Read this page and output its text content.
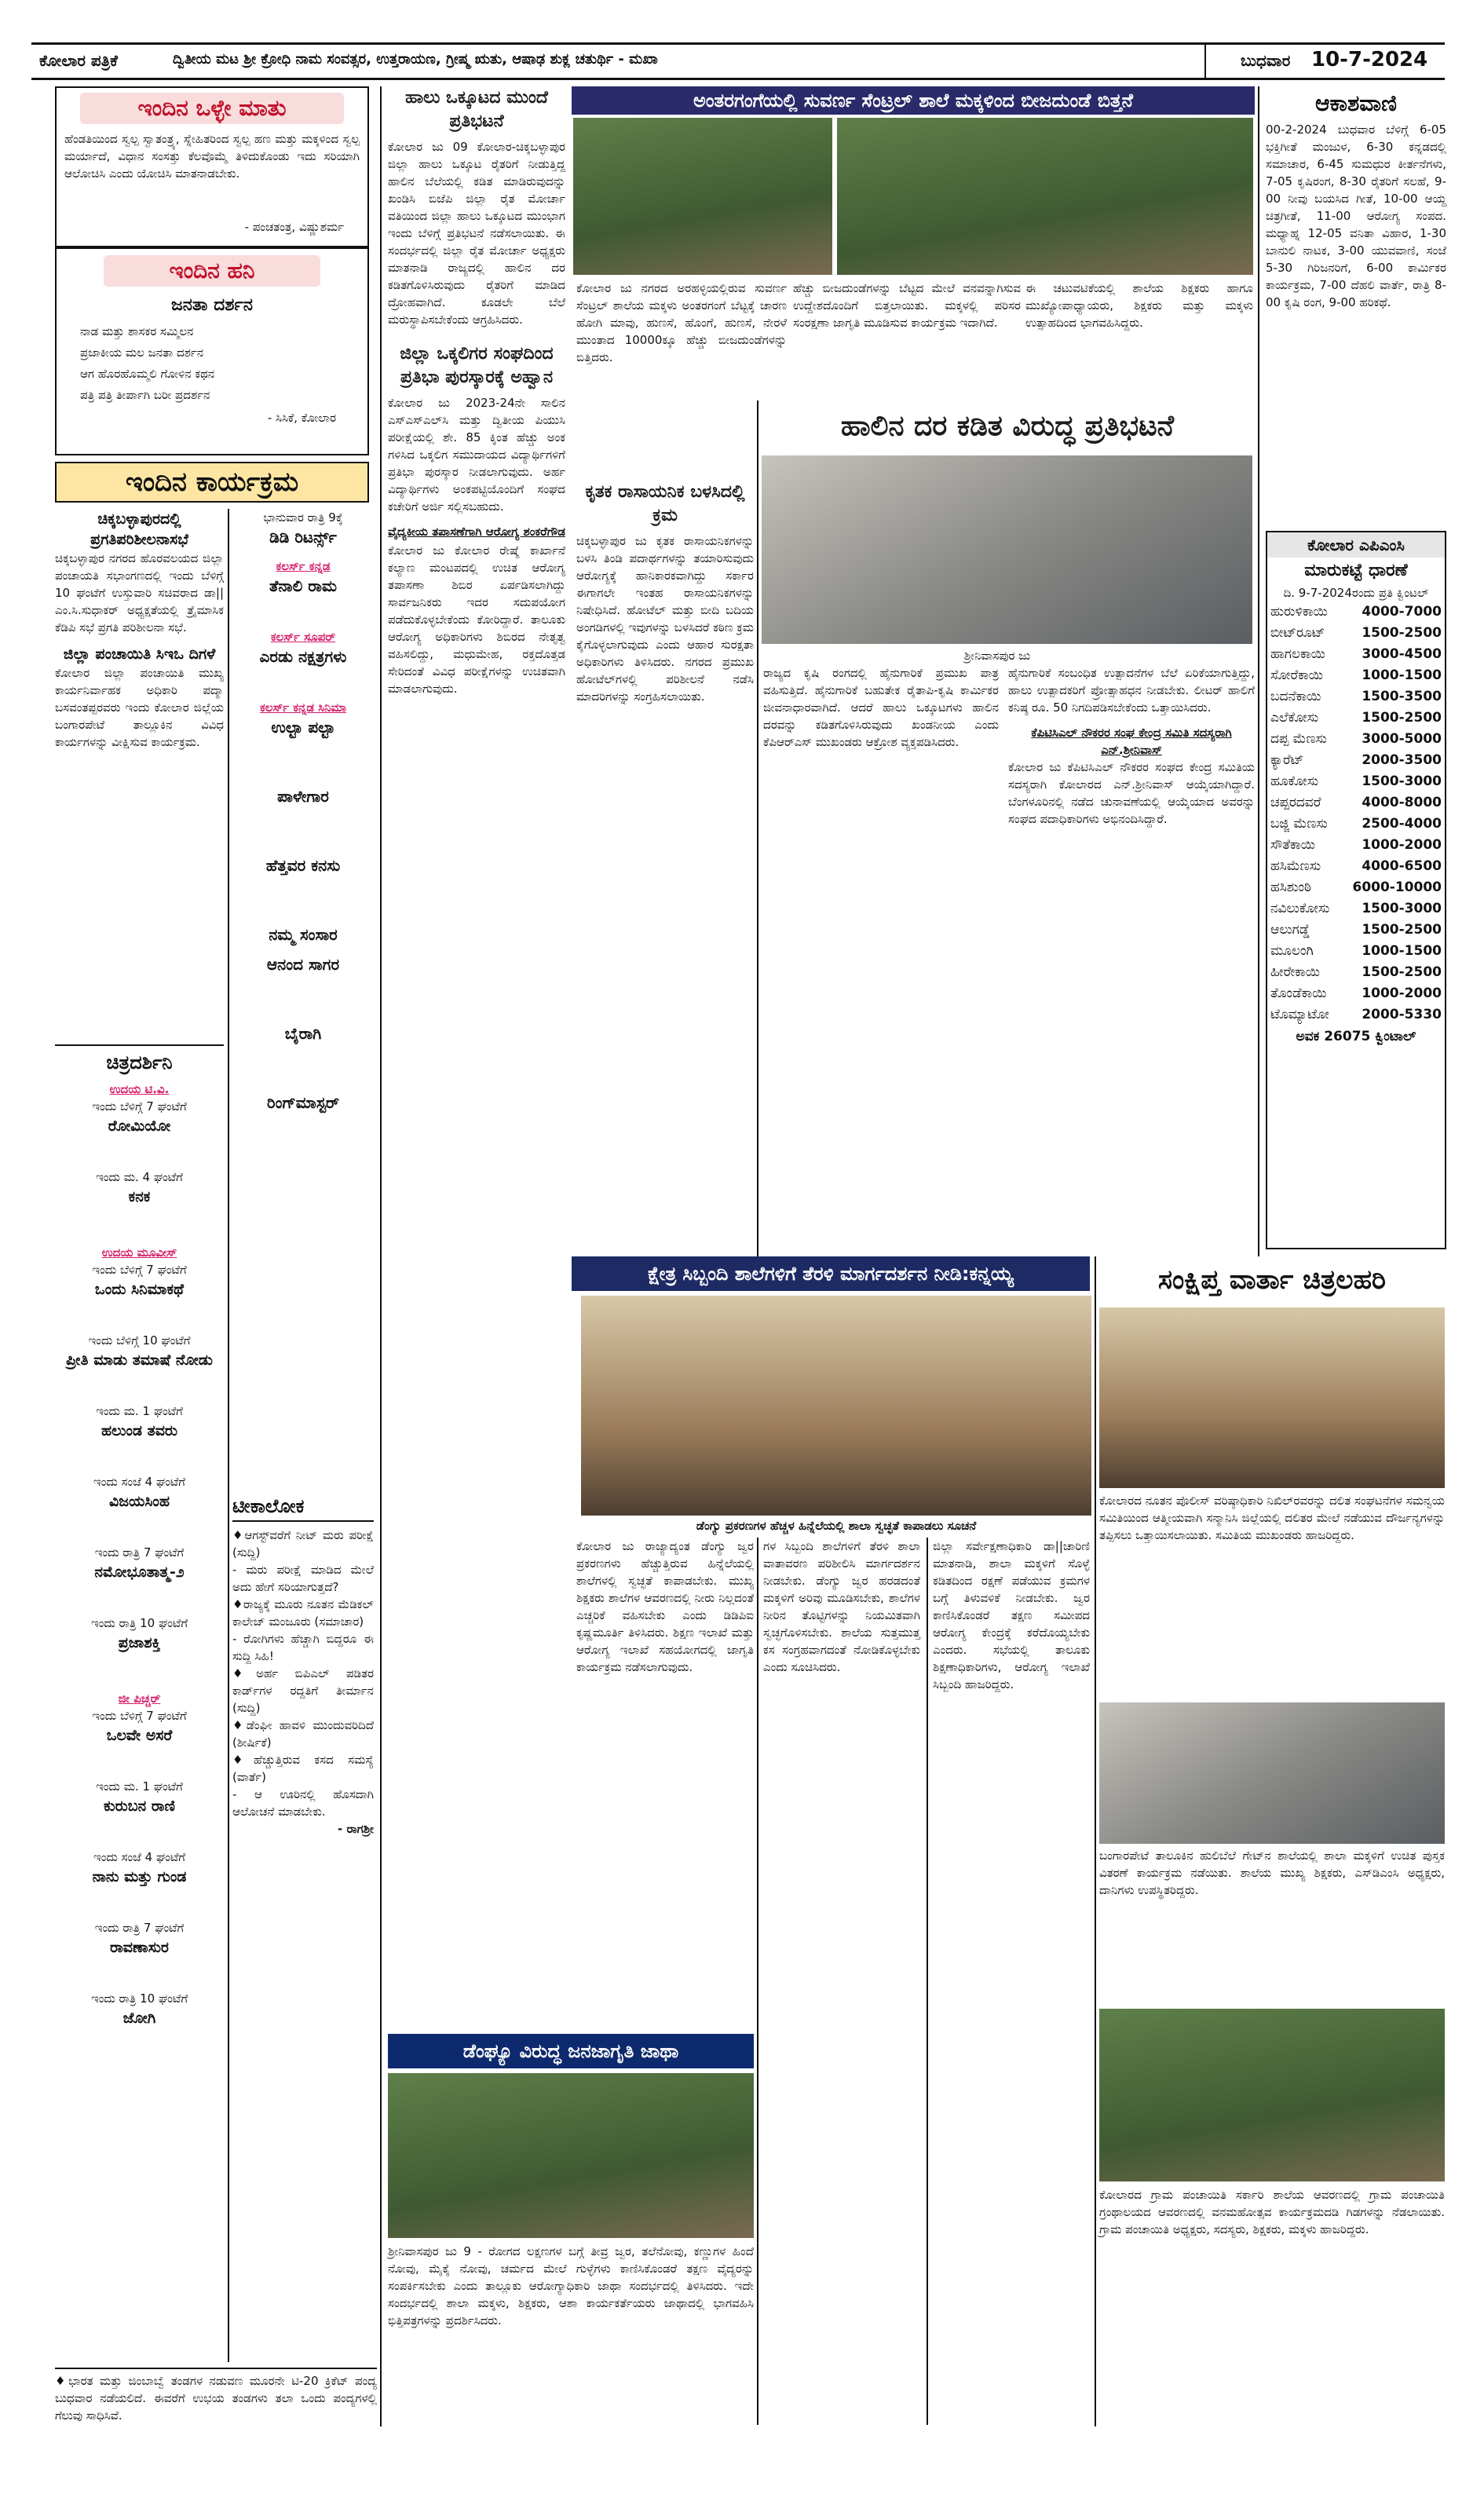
ಕೋಲಾರ ಪತ್ರಿಕೆ	ದ್ವಿತೀಯ ಮಟ ಶ್ರೀ ಕ್ರೋಧಿ ನಾಮ ಸಂವತ್ಸರ, ಉತ್ತರಾಯಣ, ಗ್ರೀಷ್ಮ ಋತು, ಆಷಾಢ ಶುಕ್ಲ ಚತುರ್ಥಿ - ಮಖಾ	ಬುಧವಾರ 10-7-2024
ಇಂದಿನ ಒಳ್ಳೇ ಮಾತು
ಹೆಂಡತಿಯಿಂದ ಸ್ವಲ್ಪ ಸ್ವಾತಂತ್ರ್ಯ, ಸ್ನೇಹಿತರಿಂದ ಸ್ವಲ್ಪ ಹಣ ಮತ್ತು ಮಕ್ಕಳಿಂದ ಸ್ವಲ್ಪ ಮರ್ಯಾದೆ, ವಿಧಾನ ಸಂಸತ್ತು ಕೆಲವೊಮ್ಮೆ ತಿಳಿದುಕೊಂಡು ಇದು ಸರಿಯಾಗಿ ಆಲೋಚಿಸಿ ಎಂದು ಯೋಚಿಸಿ ಮಾತನಾಡಬೇಕು.
- ಪಂಚತಂತ್ರ, ವಿಷ್ಣುಶರ್ಮ
ಇಂದಿನ ಹನಿ
ಜನತಾ ದರ್ಶನ
ನಾಡ ಮತ್ತು ಶಾಸಕರ ಸಮ್ಮಿಲನ
ಪ್ರಜಾಕೀಯ ಮಲ ಜನತಾ ದರ್ಶನ
ಆಗ ಹೊರಹೊಮ್ಮಲಿ ಗೋಳಿನ ಕಥನ
ಪತ್ರಿ ಪತ್ರಿ ತೀರ್ಪಾಗಿ ಬರೀ ಪ್ರದರ್ಶನ
- ಸಿಸಿಕೆ, ಕೋಲಾರ
ಇಂದಿನ ಕಾರ್ಯಕ್ರಮ
ಚಿಕ್ಕಬಳ್ಳಾಪುರದಲ್ಲಿ ಪ್ರಗತಿಪರಿಶೀಲನಾಸಭೆ
ಚಿಕ್ಕಬಳ್ಳಾಪುರ ನಗರದ ಹೊರವಲಯದ ಜಿಲ್ಲಾ ಪಂಚಾಯತಿ ಸಭಾಂಗಣದಲ್ಲಿ ಇಂದು ಬೆಳಿಗ್ಗೆ 10 ಘಂಟೆಗೆ ಉಸ್ತುವಾರಿ ಸಚಿವರಾದ ಡಾ|| ಎಂ.ಸಿ.ಸುಧಾಕರ್ ಅಧ್ಯಕ್ಷತೆಯಲ್ಲಿ ತ್ರೈಮಾಸಿಕ ಕೆಡಿಪಿ ಸಭೆ ಪ್ರಗತಿ ಪರಿಶೀಲನಾ ಸಭೆ.
ಜಿಲ್ಲಾ ಪಂಚಾಯಿತಿ ಸಿಇಒ ದಿಗಳೆ
ಕೋಲಾರ ಜಿಲ್ಲಾ ಪಂಚಾಯಿತಿ ಮುಖ್ಯ ಕಾರ್ಯನಿರ್ವಾಹಕ ಅಧಿಕಾರಿ ಪದ್ಮಾ ಬಸವಂತಪ್ಪರವರು ಇಂದು ಕೋಲಾರ ಜಿಲ್ಲೆಯ ಬಂಗಾರಪೇಟೆ ತಾಲ್ಲೂಕಿನ ವಿವಿಧ ಕಾರ್ಯಗಳನ್ನು ವೀಕ್ಷಿಸುವ ಕಾರ್ಯಕ್ರಮ.
ಭಾನುವಾರ ರಾತ್ರಿ 9ಕ್ಕೆ
ಡಿಡಿ ರಿಟರ್ನ್ಸ್
ಕಲರ್ಸ್ ಕನ್ನಡ
ತೆನಾಲಿ ರಾಮ
ಕಲರ್ಸ್ ಸೂಪರ್
ಎರಡು ನಕ್ಷತ್ರಗಳು
ಕಲರ್ಸ್ ಕನ್ನಡ ಸಿನಿಮಾ
ಉಲ್ಟಾ ಪಲ್ಟಾ
ಪಾಳೇಗಾರ
ಹೆತ್ತವರ ಕನಸು
ನಮ್ಮ ಸಂಸಾರ
ಆನಂದ ಸಾಗರ
ಬೈರಾಗಿ
ರಿಂಗ್‌ಮಾಸ್ಟರ್
ಚಿತ್ರದರ್ಶಿನಿ
ಉದಯ ಟಿ.ವಿ.
ಇಂದು ಬೆಳಿಗ್ಗೆ 7 ಘಂಟೆಗೆ
ರೋಮಿಯೋ
ಇಂದು ಮ. 4 ಘಂಟೆಗೆ
ಕನಕ
ಉದಯ ಮೂವೀಸ್
ಇಂದು ಬೆಳಿಗ್ಗೆ 7 ಘಂಟೆಗೆ
ಒಂದು ಸಿನಿಮಾಕಥೆ
ಇಂದು ಬೆಳಿಗ್ಗೆ 10 ಘಂಟೆಗೆ
ಪ್ರೀತಿ ಮಾಡು ತಮಾಷೆ ನೋಡು
ಇಂದು ಮ. 1 ಘಂಟೆಗೆ
ಹಲುಂಡ ತವರು
ಇಂದು ಸಂಜೆ 4 ಘಂಟೆಗೆ
ವಿಜಯಸಿಂಹ
ಇಂದು ರಾತ್ರಿ 7 ಘಂಟೆಗೆ
ನಮೋಭೂತಾತ್ಮ-೨
ಇಂದು ರಾತ್ರಿ 10 ಘಂಟೆಗೆ
ಪ್ರಜಾಶಕ್ತಿ
ಜೀ ಪಿಚ್ಚರ್
ಇಂದು ಬೆಳಿಗ್ಗೆ 7 ಘಂಟೆಗೆ
ಒಲವೇ ಅಸರೆ
ಇಂದು ಮ. 1 ಘಂಟೆಗೆ
ಕುರುಬನ ರಾಣಿ
ಇಂದು ಸಂಜೆ 4 ಘಂಟೆಗೆ
ನಾನು ಮತ್ತು ಗುಂಡ
ಇಂದು ರಾತ್ರಿ 7 ಘಂಟೆಗೆ
ರಾವಣಾಸುರ
ಇಂದು ರಾತ್ರಿ 10 ಘಂಟೆಗೆ
ಜೋಗಿ
ಟೀಕಾಲೋಕ
♦ಆಗಸ್ಟ್‌ವರೆಗೆ ನೀಟ್ ಮರು ಪರೀಕ್ಷೆ (ಸುದ್ದಿ)
- ಮರು ಪರೀಕ್ಷೆ ಮಾಡಿದ ಮೇಲೆ ಅದು ಹೇಗೆ ಸರಿಯಾಗುತ್ತದೆ?
♦ರಾಜ್ಯಕ್ಕೆ ಮೂರು ನೂತನ ಮೆಡಿಕಲ್ ಕಾಲೇಜ್ ಮಂಜೂರು (ಸಮಾಚಾರ)
- ರೋಗಿಗಳು ಹೆಚ್ಚಾಗಿ ಬಿದ್ದರೂ ಈ ಸುದ್ದಿ ಸಿಹಿ!
♦ಅರ್ಹ ಬಿಪಿಎಲ್ ಪಡಿತರ ಕಾರ್ಡ್‌ಗಳ ರದ್ದತಿಗೆ ತೀರ್ಮಾನ (ಸುದ್ದಿ)
♦ಡೆಂಘೀ ಹಾವಳಿ ಮುಂದುವರಿದಿದೆ (ಶೀರ್ಷಿಕೆ)
♦ಹೆಚ್ಚುತ್ತಿರುವ ಕಸದ ಸಮಸ್ಯೆ (ವಾರ್ತೆ)
- ಆ ಊರಿನಲ್ಲಿ ಹೊಸದಾಗಿ ಆಲೋಚನೆ ಮಾಡಬೇಕು.
- ರಾಗಶ್ರೀ
♦ಭಾರತ ಮತ್ತು ಜಿಂಬಾಬ್ವೆ ತಂಡಗಳ ನಡುವಣ ಮೂರನೇ ಟಿ-20 ಕ್ರಿಕೆಟ್ ಪಂದ್ಯ ಬುಧವಾರ ನಡೆಯಲಿದೆ. ಈವರೆಗೆ ಉಭಯ ತಂಡಗಳು ತಲಾ ಒಂದು ಪಂದ್ಯಗಳಲ್ಲಿ ಗೆಲುವು ಸಾಧಿಸಿವೆ.
ಹಾಲು ಒಕ್ಕೂಟದ ಮುಂದೆ ಪ್ರತಿಭಟನೆ
ಕೋಲಾರ ಜು 09 ಕೋಲಾರ-ಚಿಕ್ಕಬಳ್ಳಾಪುರ ಜಿಲ್ಲಾ ಹಾಲು ಒಕ್ಕೂಟ ರೈತರಿಗೆ ನೀಡುತ್ತಿದ್ದ ಹಾಲಿನ ಬೆಲೆಯಲ್ಲಿ ಕಡಿತ ಮಾಡಿರುವುದನ್ನು ಖಂಡಿಸಿ ಬಿಜೆಪಿ ಜಿಲ್ಲಾ ರೈತ ಮೋರ್ಚಾ ವತಿಯಿಂದ ಜಿಲ್ಲಾ ಹಾಲು ಒಕ್ಕೂಟದ ಮುಂಭಾಗ ಇಂದು ಬೆಳಿಗ್ಗೆ ಪ್ರತಿಭಟನೆ ನಡೆಸಲಾಯಿತು. ಈ ಸಂದರ್ಭದಲ್ಲಿ ಜಿಲ್ಲಾ ರೈತ ಮೋರ್ಚಾ ಅಧ್ಯಕ್ಷರು ಮಾತನಾಡಿ ರಾಜ್ಯದಲ್ಲಿ ಹಾಲಿನ ದರ ಕಡಿತಗೊಳಿಸಿರುವುದು ರೈತರಿಗೆ ಮಾಡಿದ ದ್ರೋಹವಾಗಿದೆ. ಕೂಡಲೇ ಬೆಲೆ ಮರುಸ್ಥಾಪಿಸಬೇಕೆಂದು ಆಗ್ರಹಿಸಿದರು.
ಜಿಲ್ಲಾ ಒಕ್ಕಲಿಗರ ಸಂಘದಿಂದ ಪ್ರತಿಭಾ ಪುರಸ್ಕಾರಕ್ಕೆ ಅಹ್ವಾನ
ಕೋಲಾರ ಜು 2023-24ನೇ ಸಾಲಿನ ಎಸ್‌ಎಸ್‌ಎಲ್‌ಸಿ ಮತ್ತು ದ್ವಿತೀಯ ಪಿಯುಸಿ ಪರೀಕ್ಷೆಯಲ್ಲಿ ಶೇ. 85 ಕ್ಕಿಂತ ಹೆಚ್ಚು ಅಂಕ ಗಳಿಸಿದ ಒಕ್ಕಲಿಗ ಸಮುದಾಯದ ವಿದ್ಯಾರ್ಥಿಗಳಿಗೆ ಪ್ರತಿಭಾ ಪುರಸ್ಕಾರ ನೀಡಲಾಗುವುದು. ಅರ್ಹ ವಿದ್ಯಾರ್ಥಿಗಳು ಅಂಕಪಟ್ಟಿಯೊಂದಿಗೆ ಸಂಘದ ಕಚೇರಿಗೆ ಅರ್ಜಿ ಸಲ್ಲಿಸಬಹುದು.
ವೈದ್ಯಕೀಯ ತಪಾಸಣೆಗಾಗಿ ಆರೋಗ್ಯ ಶಂಕರೆಗೌಡ
ಕೋಲಾರ ಜು ಕೋಲಾರ ರೇಷ್ಮೆ ಕಾರ್ಖಾನೆ ಕಲ್ಯಾಣ ಮಂಟಪದಲ್ಲಿ ಉಚಿತ ಆರೋಗ್ಯ ತಪಾಸಣಾ ಶಿಬಿರ ಏರ್ಪಡಿಸಲಾಗಿದ್ದು ಸಾರ್ವಜನಿಕರು ಇದರ ಸದುಪಯೋಗ ಪಡೆದುಕೊಳ್ಳಬೇಕೆಂದು ಕೋರಿದ್ದಾರೆ. ತಾಲೂಕು ಆರೋಗ್ಯ ಅಧಿಕಾರಿಗಳು ಶಿಬಿರದ ನೇತೃತ್ವ ವಹಿಸಲಿದ್ದು, ಮಧುಮೇಹ, ರಕ್ತದೊತ್ತಡ ಸೇರಿದಂತೆ ವಿವಿಧ ಪರೀಕ್ಷೆಗಳನ್ನು ಉಚಿತವಾಗಿ ಮಾಡಲಾಗುವುದು.
ಅಂತರಗಂಗೆಯಲ್ಲಿ ಸುವರ್ಣ ಸೆಂಟ್ರಲ್ ಶಾಲೆ ಮಕ್ಕಳಿಂದ ಬೀಜದುಂಡೆ ಬಿತ್ತನೆ
ಕೋಲಾರ ಜು ನಗರದ ಅರಹಳ್ಳಿಯಲ್ಲಿರುವ ಸುವರ್ಣ ಸೆಂಟ್ರಲ್ ಶಾಲೆಯ ಮಕ್ಕಳು ಅಂತರಗಂಗೆ ಬೆಟ್ಟಕ್ಕೆ ಚಾರಣ ಹೋಗಿ ಮಾವು, ಹುಣಸೆ, ಹೊಂಗೆ, ಹುಣಸೆ, ನೇರಳೆ ಮುಂತಾದ 10000ಕ್ಕೂ ಹೆಚ್ಚು ಬೀಜದುಂಡೆಗಳನ್ನು ಬಿತ್ತಿದರು.
ಹೆಚ್ಚು ಬೀಜದುಂಡೆಗಳನ್ನು ಬೆಟ್ಟದ ಮೇಲೆ ವನವನ್ನಾಗಿಸುವ ಉದ್ದೇಶದೊಂದಿಗೆ ಬಿತ್ತಲಾಯಿತು. ಮಕ್ಕಳಲ್ಲಿ ಪರಿಸರ ಸಂರಕ್ಷಣಾ ಜಾಗೃತಿ ಮೂಡಿಸುವ ಕಾರ್ಯಕ್ರಮ ಇದಾಗಿದೆ.
ಈ ಚಟುವಟಿಕೆಯಲ್ಲಿ ಶಾಲೆಯ ಶಿಕ್ಷಕರು ಹಾಗೂ ಮುಖ್ಯೋಪಾಧ್ಯಾಯರು, ಶಿಕ್ಷಕರು ಮತ್ತು ಮಕ್ಕಳು ಉತ್ಸಾಹದಿಂದ ಭಾಗವಹಿಸಿದ್ದರು.
ಕೃತಕ ರಾಸಾಯನಿಕ ಬಳಸಿದಲ್ಲಿ ಕ್ರಮ
ಚಿಕ್ಕಬಳ್ಳಾಪುರ ಜು ಕೃತಕ ರಾಸಾಯನಿಕಗಳನ್ನು ಬಳಸಿ ತಿಂಡಿ ಪದಾರ್ಥಗಳನ್ನು ತಯಾರಿಸುವುದು ಆರೋಗ್ಯಕ್ಕೆ ಹಾನಿಕಾರಕವಾಗಿದ್ದು ಸರ್ಕಾರ ಈಗಾಗಲೇ ಇಂತಹ ರಾಸಾಯನಿಕಗಳನ್ನು ನಿಷೇಧಿಸಿದೆ. ಹೋಟೆಲ್ ಮತ್ತು ಬೀದಿ ಬದಿಯ ಅಂಗಡಿಗಳಲ್ಲಿ ಇವುಗಳನ್ನು ಬಳಸಿದರೆ ಕಠಿಣ ಕ್ರಮ ಕೈಗೊಳ್ಳಲಾಗುವುದು ಎಂದು ಆಹಾರ ಸುರಕ್ಷತಾ ಅಧಿಕಾರಿಗಳು ತಿಳಿಸಿದರು. ನಗರದ ಪ್ರಮುಖ ಹೋಟೆಲ್‌ಗಳಲ್ಲಿ ಪರಿಶೀಲನೆ ನಡೆಸಿ ಮಾದರಿಗಳನ್ನು ಸಂಗ್ರಹಿಸಲಾಯಿತು.
ಹಾಲಿನ ದರ ಕಡಿತ ವಿರುದ್ಧ ಪ್ರತಿಭಟನೆ
ಶ್ರೀನಿವಾಸಪುರ ಜು
ರಾಜ್ಯದ ಕೃಷಿ ರಂಗದಲ್ಲಿ ಹೈನುಗಾರಿಕೆ ಪ್ರಮುಖ ಪಾತ್ರ ವಹಿಸುತ್ತಿದೆ. ಹೈನುಗಾರಿಕೆ ಬಹುತೇಕ ರೈತಾಪಿ-ಕೃಷಿ ಕಾರ್ಮಿಕರ ಜೀವನಾಧಾರವಾಗಿದೆ. ಆದರೆ ಹಾಲು ಒಕ್ಕೂಟಗಳು ಹಾಲಿನ ದರವನ್ನು ಕಡಿತಗೊಳಿಸಿರುವುದು ಖಂಡನೀಯ ಎಂದು ಕೆಪಿಆರ್‌ಎಸ್ ಮುಖಂಡರು ಆಕ್ರೋಶ ವ್ಯಕ್ತಪಡಿಸಿದರು.
ಹೈನುಗಾರಿಕೆ ಸಂಬಂಧಿತ ಉತ್ಪಾದನೆಗಳ ಬೆಲೆ ಏರಿಕೆಯಾಗುತ್ತಿದ್ದು, ಹಾಲು ಉತ್ಪಾದಕರಿಗೆ ಪ್ರೋತ್ಸಾಹಧನ ನೀಡಬೇಕು. ಲೀಟರ್ ಹಾಲಿಗೆ ಕನಿಷ್ಠ ರೂ. 50 ನಿಗದಿಪಡಿಸಬೇಕೆಂದು ಒತ್ತಾಯಿಸಿದರು.
ಕೆಪಿಟಿಸಿಎಲ್ ನೌಕರರ ಸಂಘ ಕೇಂದ್ರ ಸಮಿತಿ ಸದಸ್ಯರಾಗಿ ಎನ್.ಶ್ರೀನಿವಾಸ್
ಕೋಲಾರ ಜು ಕೆಪಿಟಿಸಿಎಲ್ ನೌಕರರ ಸಂಘದ ಕೇಂದ್ರ ಸಮಿತಿಯ ಸದಸ್ಯರಾಗಿ ಕೋಲಾರದ ಎನ್.ಶ್ರೀನಿವಾಸ್ ಆಯ್ಕೆಯಾಗಿದ್ದಾರೆ. ಬೆಂಗಳೂರಿನಲ್ಲಿ ನಡೆದ ಚುನಾವಣೆಯಲ್ಲಿ ಆಯ್ಕೆಯಾದ ಅವರನ್ನು ಸಂಘದ ಪದಾಧಿಕಾರಿಗಳು ಅಭಿನಂದಿಸಿದ್ದಾರೆ.
ಕ್ಷೇತ್ರ ಸಿಬ್ಬಂದಿ ಶಾಲೆಗಳಿಗೆ ತೆರಳಿ ಮಾರ್ಗದರ್ಶನ ನೀಡಿ:ಕನ್ನಯ್ಯ
ಡೆಂಗ್ಯು ಪ್ರಕರಣಗಳ ಹೆಚ್ಚಳ ಹಿನ್ನೆಲೆಯಲ್ಲಿ ಶಾಲಾ ಸ್ವಚ್ಛತೆ ಕಾಪಾಡಲು ಸೂಚನೆ
ಕೋಲಾರ ಜು ರಾಜ್ಯಾದ್ಯಂತ ಡೆಂಗ್ಯು ಜ್ವರ ಪ್ರಕರಣಗಳು ಹೆಚ್ಚುತ್ತಿರುವ ಹಿನ್ನೆಲೆಯಲ್ಲಿ ಶಾಲೆಗಳಲ್ಲಿ ಸ್ವಚ್ಛತೆ ಕಾಪಾಡಬೇಕು. ಮುಖ್ಯ ಶಿಕ್ಷಕರು ಶಾಲೆಗಳ ಆವರಣದಲ್ಲಿ ನೀರು ನಿಲ್ಲದಂತೆ ಎಚ್ಚರಿಕೆ ವಹಿಸಬೇಕು ಎಂದು ಡಿಡಿಪಿಐ ಕೃಷ್ಣಮೂರ್ತಿ ತಿಳಿಸಿದರು. ಶಿಕ್ಷಣ ಇಲಾಖೆ ಮತ್ತು ಆರೋಗ್ಯ ಇಲಾಖೆ ಸಹಯೋಗದಲ್ಲಿ ಜಾಗೃತಿ ಕಾರ್ಯಕ್ರಮ ನಡೆಸಲಾಗುವುದು.
ಗಳ ಸಿಬ್ಬಂದಿ ಶಾಲೆಗಳಿಗೆ ತೆರಳಿ ಶಾಲಾ ವಾತಾವರಣ ಪರಿಶೀಲಿಸಿ ಮಾರ್ಗದರ್ಶನ ನೀಡಬೇಕು. ಡೆಂಗ್ಯು ಜ್ವರ ಹರಡದಂತೆ ಮಕ್ಕಳಿಗೆ ಅರಿವು ಮೂಡಿಸಬೇಕು, ಶಾಲೆಗಳ ನೀರಿನ ತೊಟ್ಟಿಗಳನ್ನು ನಿಯಮಿತವಾಗಿ ಸ್ವಚ್ಛಗೊಳಿಸಬೇಕು. ಶಾಲೆಯ ಸುತ್ತಮುತ್ತ ಕಸ ಸಂಗ್ರಹವಾಗದಂತೆ ನೋಡಿಕೊಳ್ಳಬೇಕು ಎಂದು ಸೂಚಿಸಿದರು.
ಜಿಲ್ಲಾ ಸರ್ವೇಕ್ಷಣಾಧಿಕಾರಿ ಡಾ||ಚಾರಿಣಿ ಮಾತನಾಡಿ, ಶಾಲಾ ಮಕ್ಕಳಿಗೆ ಸೊಳ್ಳೆ ಕಡಿತದಿಂದ ರಕ್ಷಣೆ ಪಡೆಯುವ ಕ್ರಮಗಳ ಬಗ್ಗೆ ತಿಳುವಳಿಕೆ ನೀಡಬೇಕು. ಜ್ವರ ಕಾಣಿಸಿಕೊಂಡರೆ ತಕ್ಷಣ ಸಮೀಪದ ಆರೋಗ್ಯ ಕೇಂದ್ರಕ್ಕೆ ಕರೆದೊಯ್ಯಬೇಕು ಎಂದರು. ಸಭೆಯಲ್ಲಿ ತಾಲೂಕು ಶಿಕ್ಷಣಾಧಿಕಾರಿಗಳು, ಆರೋಗ್ಯ ಇಲಾಖೆ ಸಿಬ್ಬಂದಿ ಹಾಜರಿದ್ದರು.
ಡೆಂಘ್ಯೂ ವಿರುದ್ಧ ಜನಜಾಗೃತಿ ಜಾಥಾ
ಶ್ರೀನಿವಾಸಪುರ ಜು 9 - ರೋಗದ ಲಕ್ಷಣಗಳ ಬಗ್ಗೆ ತೀವ್ರ ಜ್ವರ, ತಲೆನೋವು, ಕಣ್ಣುಗಳ ಹಿಂದೆ ನೋವು, ಮೈಕೈ ನೋವು, ಚರ್ಮದ ಮೇಲೆ ಗುಳ್ಳೆಗಳು ಕಾಣಿಸಿಕೊಂಡರೆ ತಕ್ಷಣ ವೈದ್ಯರನ್ನು ಸಂಪರ್ಕಿಸಬೇಕು ಎಂದು ತಾಲ್ಲೂಕು ಆರೋಗ್ಯಾಧಿಕಾರಿ ಜಾಥಾ ಸಂದರ್ಭದಲ್ಲಿ ತಿಳಿಸಿದರು. ಇದೇ ಸಂದರ್ಭದಲ್ಲಿ ಶಾಲಾ ಮಕ್ಕಳು, ಶಿಕ್ಷಕರು, ಆಶಾ ಕಾರ್ಯಕರ್ತೆಯರು ಜಾಥಾದಲ್ಲಿ ಭಾಗವಹಿಸಿ ಭಿತ್ತಿಪತ್ರಗಳನ್ನು ಪ್ರದರ್ಶಿಸಿದರು.
ಆಕಾಶವಾಣಿ
00-2-2024 ಬುಧವಾರ ಬೆಳಿಗ್ಗೆ 6-05 ಭಕ್ತಿಗೀತೆ ಮಂಜುಳ, 6-30 ಕನ್ನಡದಲ್ಲಿ ಸಮಾಚಾರ, 6-45 ಸುಮಧುರ ಕೀರ್ತನೆಗಳು, 7-05 ಕೃಷಿರಂಗ, 8-30 ರೈತರಿಗೆ ಸಲಹೆ, 9-00 ನೀವು ಬಯಸಿದ ಗೀತೆ, 10-00 ಆಯ್ದ ಚಿತ್ರಗೀತೆ, 11-00 ಆರೋಗ್ಯ ಸಂಪದ. ಮಧ್ಯಾಹ್ನ 12-05 ವನಿತಾ ವಿಹಾರ, 1-30 ಬಾನುಲಿ ನಾಟಕ, 3-00 ಯುವವಾಣಿ, ಸಂಜೆ 5-30 ಗಿರಿಜನರಿಗೆ, 6-00 ಕಾರ್ಮಿಕರ ಕಾರ್ಯಕ್ರಮ, 7-00 ದೆಹಲಿ ವಾರ್ತೆ, ರಾತ್ರಿ 8-00 ಕೃಷಿ ರಂಗ, 9-00 ಹರಿಕಥೆ.
ಕೋಲಾರ ಎಪಿಎಂಸಿ
ಮಾರುಕಟ್ಟೆ ಧಾರಣೆ
ದಿ. 9-7-2024ರಂದು ಪ್ರತಿ ಕ್ವಿಂಟಲ್
ಹುರುಳಿಕಾಯಿ	4000-7000
ಬೀಟ್‌ರೂಟ್	1500-2500
ಹಾಗಲಕಾಯಿ	3000-4500
ಸೋರೆಕಾಯಿ	1000-1500
ಬದನೆಕಾಯಿ	1500-3500
ಎಲೆಕೋಸು	1500-2500
ದಪ್ಪ ಮೆಣಸು	3000-5000
ಕ್ಯಾರೆಟ್	2000-3500
ಹೂಕೋಸು	1500-3000
ಚಪ್ಪರದವರೆ	4000-8000
ಬಜ್ಜಿ ಮೆಣಸು	2500-4000
ಸೌತೆಕಾಯಿ	1000-2000
ಹಸಿಮೆಣಸು	4000-6500
ಹಸಿಶುಂಠಿ	6000-10000
ನವಿಲುಕೋಸು	1500-3000
ಆಲುಗಡ್ಡೆ	1500-2500
ಮೂಲಂಗಿ	1000-1500
ಹೀರೇಕಾಯಿ	1500-2500
ತೊಂಡೆಕಾಯಿ	1000-2000
ಟೊಮ್ಯಾಟೋ	2000-5330
ಅವಕ 26075 ಕ್ವಿಂಟಾಲ್
ಸಂಕ್ಷಿಪ್ತ ವಾರ್ತಾ ಚಿತ್ರಲಹರಿ
ಕೋಲಾರದ ನೂತನ ಪೊಲೀಸ್ ವರಿಷ್ಠಾಧಿಕಾರಿ ನಿಖಿಲ್‌ರವರನ್ನು ದಲಿತ ಸಂಘಟನೆಗಳ ಸಮನ್ವಯ ಸಮಿತಿಯಿಂದ ಆತ್ಮೀಯವಾಗಿ ಸನ್ಮಾನಿಸಿ ಜಿಲ್ಲೆಯಲ್ಲಿ ದಲಿತರ ಮೇಲೆ ನಡೆಯುವ ದೌರ್ಜನ್ಯಗಳನ್ನು ತಪ್ಪಿಸಲು ಒತ್ತಾಯಿಸಲಾಯಿತು. ಸಮಿತಿಯ ಮುಖಂಡರು ಹಾಜರಿದ್ದರು.
ಬಂಗಾರಪೇಟೆ ತಾಲೂಕಿನ ಹುಲಿಬೆಲೆ ಗೇಟ್‌ನ ಶಾಲೆಯಲ್ಲಿ ಶಾಲಾ ಮಕ್ಕಳಿಗೆ ಉಚಿತ ಪುಸ್ತಕ ವಿತರಣೆ ಕಾರ್ಯಕ್ರಮ ನಡೆಯಿತು. ಶಾಲೆಯ ಮುಖ್ಯ ಶಿಕ್ಷಕರು, ಎಸ್‌ಡಿಎಂಸಿ ಅಧ್ಯಕ್ಷರು, ದಾನಿಗಳು ಉಪಸ್ಥಿತರಿದ್ದರು.
ಕೋಲಾರದ ಗ್ರಾಮ ಪಂಚಾಯಿತಿ ಸರ್ಕಾರಿ ಶಾಲೆಯ ಆವರಣದಲ್ಲಿ ಗ್ರಾಮ ಪಂಚಾಯಿತಿ ಗ್ರಂಥಾಲಯದ ಆವರಣದಲ್ಲಿ ವನಮಹೋತ್ಸವ ಕಾರ್ಯಕ್ರಮದಡಿ ಗಿಡಗಳನ್ನು ನೆಡಲಾಯಿತು. ಗ್ರಾಮ ಪಂಚಾಯಿತಿ ಅಧ್ಯಕ್ಷರು, ಸದಸ್ಯರು, ಶಿಕ್ಷಕರು, ಮಕ್ಕಳು ಹಾಜರಿದ್ದರು.
